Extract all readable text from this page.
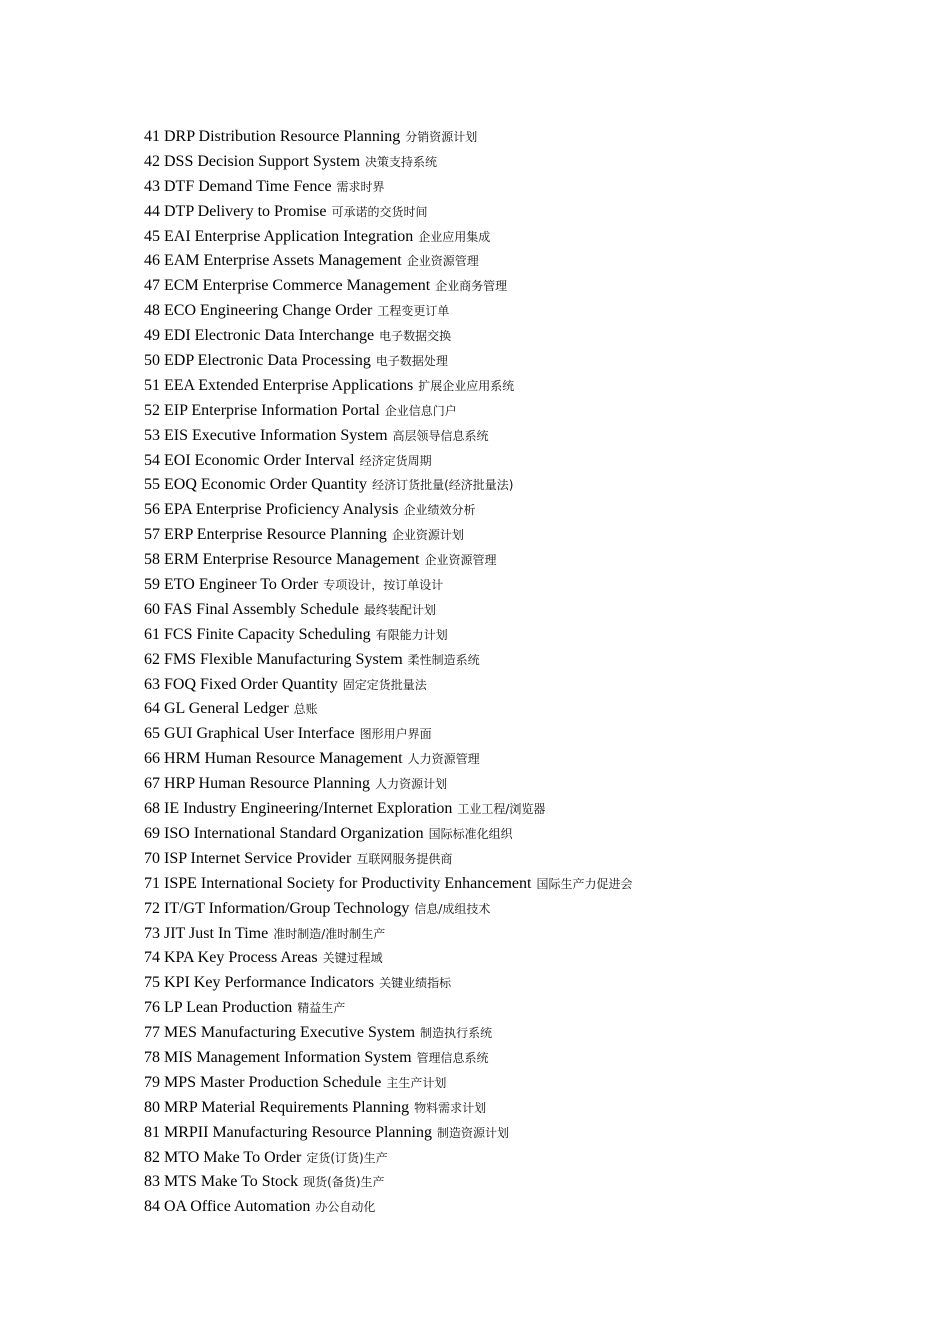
41 DRP Distribution Resource Planning 分销资源计划
42 DSS Decision Support System 决策支持系统
43 DTF Demand Time Fence 需求时界
44 DTP Delivery to Promise 可承诺的交货时间
45 EAI Enterprise Application Integration 企业应用集成
46 EAM Enterprise Assets Management 企业资源管理
47 ECM Enterprise Commerce Management 企业商务管理
48 ECO Engineering Change Order 工程变更订单
49 EDI Electronic Data Interchange 电子数据交换
50 EDP Electronic Data Processing 电子数据处理
51 EEA Extended Enterprise Applications 扩展企业应用系统
52 EIP Enterprise Information Portal 企业信息门户
53 EIS Executive Information System 高层领导信息系统
54 EOI Economic Order Interval 经济定货周期
55 EOQ Economic Order Quantity 经济订货批量(经济批量法)
56 EPA Enterprise Proficiency Analysis 企业绩效分析
57 ERP Enterprise Resource Planning 企业资源计划
58 ERM Enterprise Resource Management 企业资源管理
59 ETO Engineer To Order 专项设计，按订单设计
60 FAS Final Assembly Schedule 最终装配计划
61 FCS Finite Capacity Scheduling 有限能力计划
62 FMS Flexible Manufacturing System 柔性制造系统
63 FOQ Fixed Order Quantity 固定定货批量法
64 GL General Ledger 总账
65 GUI Graphical User Interface 图形用户界面
66 HRM Human Resource Management 人力资源管理
67 HRP Human Resource Planning 人力资源计划
68 IE Industry Engineering/Internet Exploration 工业工程/浏览器
69 ISO International Standard Organization 国际标准化组织
70 ISP Internet Service Provider 互联网服务提供商
71 ISPE International Society for Productivity Enhancement 国际生产力促进会
72 IT/GT Information/Group Technology 信息/成组技术
73 JIT Just In Time 准时制造/准时制生产
74 KPA Key Process Areas 关键过程域
75 KPI Key Performance Indicators 关键业绩指标
76 LP Lean Production 精益生产
77 MES Manufacturing Executive System 制造执行系统
78 MIS Management Information System 管理信息系统
79 MPS Master Production Schedule 主生产计划
80 MRP Material Requirements Planning 物料需求计划
81 MRPII Manufacturing Resource Planning 制造资源计划
82 MTO Make To Order 定货(订货)生产
83 MTS Make To Stock 现货(备货)生产
84 OA Office Automation 办公自动化
